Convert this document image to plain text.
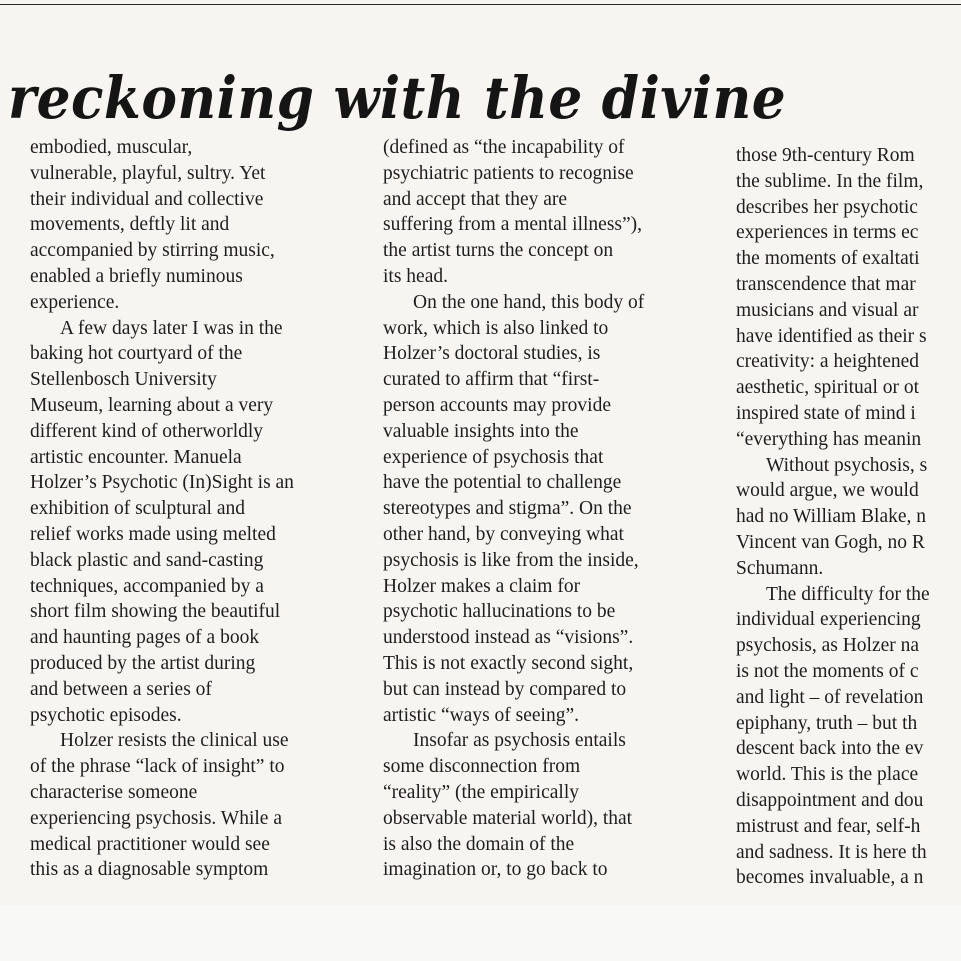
reckoning with the divine
embodied, muscular,
vulnerable, playful, sultry. Yet
their individual and collective
movements, deftly lit and
accompanied by stirring music,
enabled a briefly numinous
experience.
A few days later I was in the
baking hot courtyard of the
Stellenbosch University
Museum, learning about a very
different kind of otherworldly
artistic encounter. Manuela
Holzer’s Psychotic (In)Sight is an
exhibition of sculptural and
relief works made using melted
black plastic and sand-casting
techniques, accompanied by a
short film showing the beautiful
and haunting pages of a book
produced by the artist during
and between a series of
psychotic episodes.
Holzer resists the clinical use
of the phrase “lack of insight” to
characterise someone
experiencing psychosis. While a
medical practitioner would see
this as a diagnosable symptom
(defined as “the incapability of
psychiatric patients to recognise
and accept that they are
suffering from a mental illness”),
the artist turns the concept on
its head.
On the one hand, this body of
work, which is also linked to
Holzer’s doctoral studies, is
curated to affirm that “first-
person accounts may provide
valuable insights into the
experience of psychosis that
have the potential to challenge
stereotypes and stigma”. On the
other hand, by conveying what
psychosis is like from the inside,
Holzer makes a claim for
psychotic hallucinations to be
understood instead as “visions”.
This is not exactly second sight,
but can instead by compared to
artistic “ways of seeing”.
Insofar as psychosis entails
some disconnection from
“reality” (the empirically
observable material world), that
is also the domain of the
imagination or, to go back to
those 9th-century Rom
the sublime. In the film,
describes her psychotic
experiences in terms ec
the moments of exaltati
transcendence that mar
musicians and visual ar
have identified as their s
creativity: a heightened
aesthetic, spiritual or ot
inspired state of mind i
“everything has meanin
Without psychosis, s
would argue, we would
had no William Blake, n
Vincent van Gogh, no R
Schumann.
The difficulty for the
individual experiencing
psychosis, as Holzer na
is not the moments of c
and light – of revelation
epiphany, truth – but th
descent back into the ev
world. This is the place
disappointment and dou
mistrust and fear, self-h
and sadness. It is here th
becomes invaluable, a n
